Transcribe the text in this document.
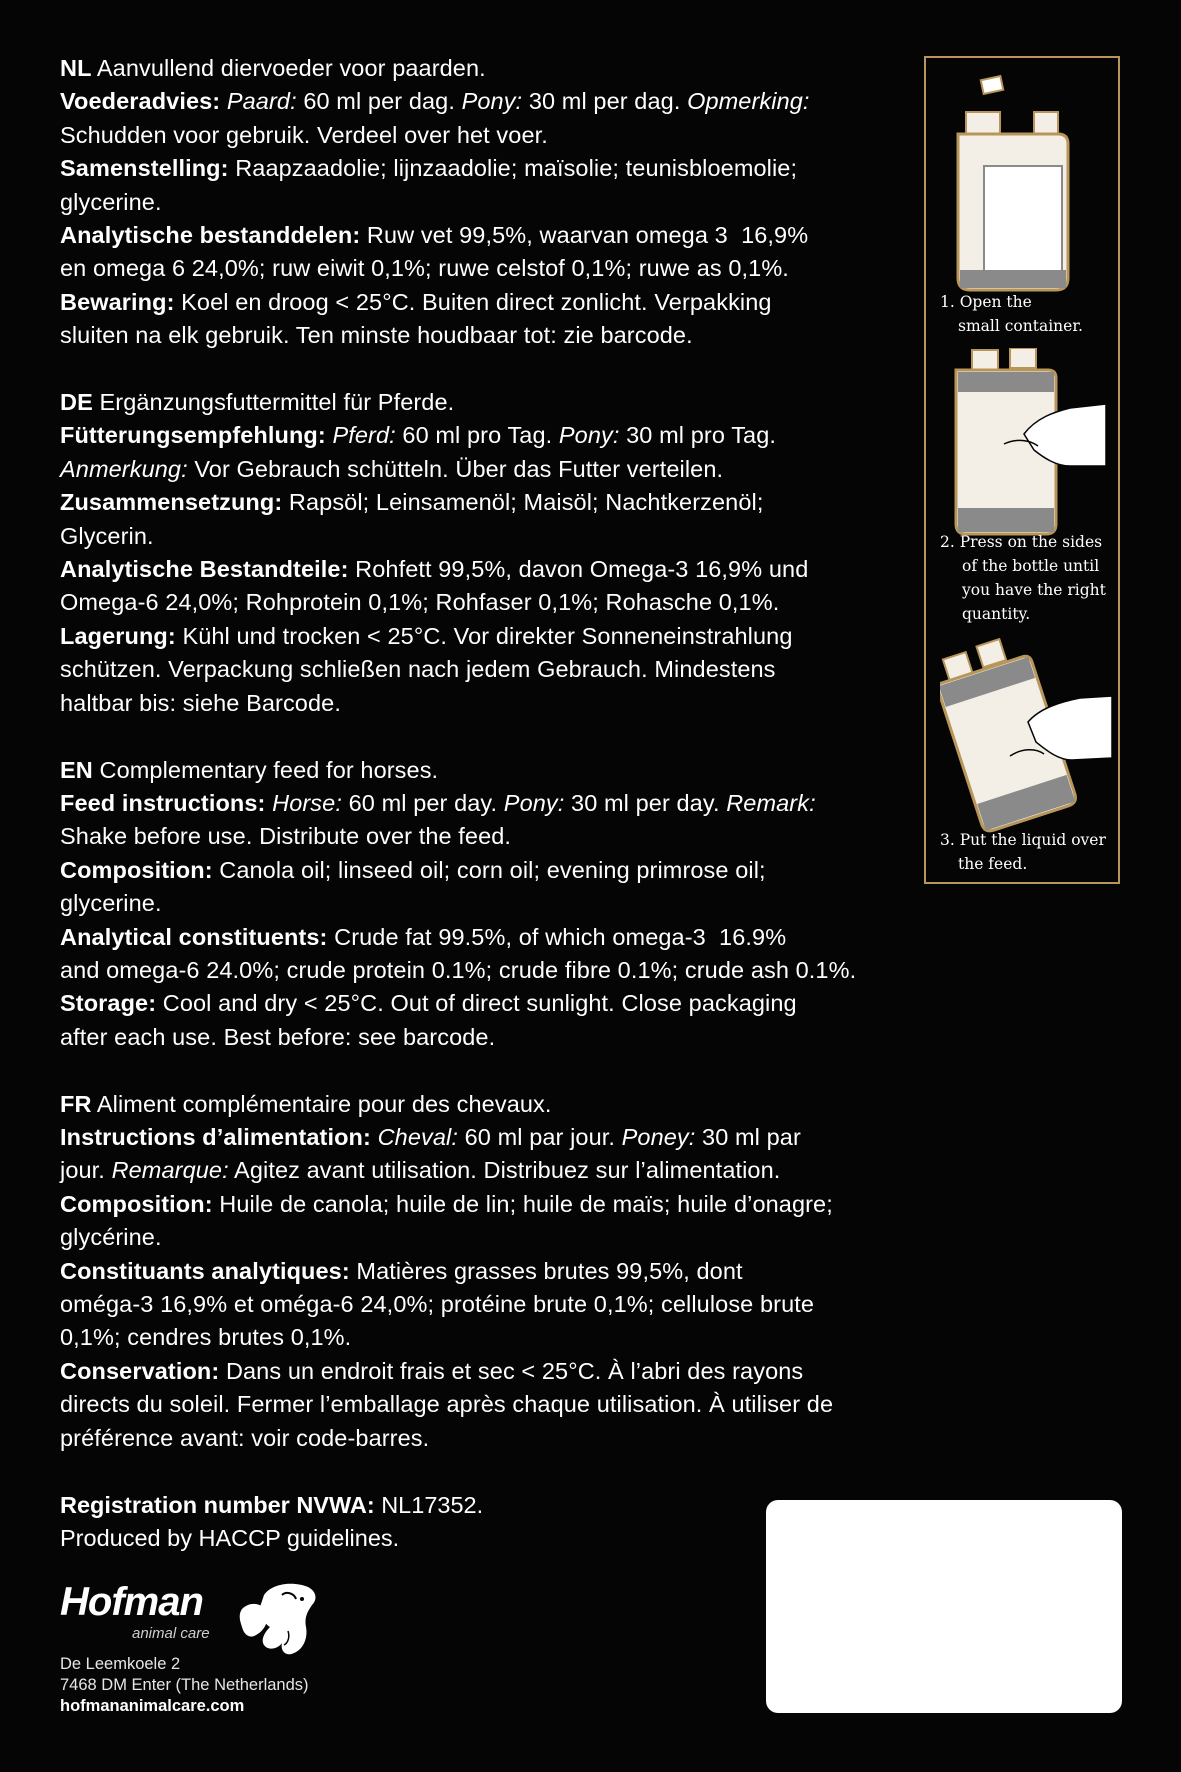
NL Aanvullend diervoeder voor paarden.
Voederadvies: Paard: 60 ml per dag. Pony: 30 ml per dag. Opmerking:
Schudden voor gebruik. Verdeel over het voer.
Samenstelling: Raapzaadolie; lijnzaadolie; maïsolie; teunisbloemolie;
glycerine.
Analytische bestanddelen: Ruw vet 99,5%, waarvan omega 3  16,9%
en omega 6 24,0%; ruw eiwit 0,1%; ruwe celstof 0,1%; ruwe as 0,1%.
Bewaring: Koel en droog < 25°C. Buiten direct zonlicht. Verpakking
sluiten na elk gebruik. Ten minste houdbaar tot: zie barcode.
DE Ergänzungsfuttermittel für Pferde.
Fütterungsempfehlung: Pferd: 60 ml pro Tag. Pony: 30 ml pro Tag.
Anmerkung: Vor Gebrauch schütteln. Über das Futter verteilen.
Zusammensetzung: Rapsöl; Leinsamenöl; Maisöl; Nachtkerzenöl;
Glycerin.
Analytische Bestandteile: Rohfett 99,5%, davon Omega-3 16,9% und
Omega-6 24,0%; Rohprotein 0,1%; Rohfaser 0,1%; Rohasche 0,1%.
Lagerung: Kühl und trocken < 25°C. Vor direkter Sonneneinstrahlung
schützen. Verpackung schließen nach jedem Gebrauch. Mindestens
haltbar bis: siehe Barcode.
EN Complementary feed for horses.
Feed instructions: Horse: 60 ml per day. Pony: 30 ml per day. Remark:
Shake before use. Distribute over the feed.
Composition: Canola oil; linseed oil; corn oil; evening primrose oil;
glycerine.
Analytical constituents: Crude fat 99.5%, of which omega-3  16.9%
and omega-6 24.0%; crude protein 0.1%; crude fibre 0.1%; crude ash 0.1%.
Storage: Cool and dry < 25°C. Out of direct sunlight. Close packaging
after each use. Best before: see barcode.
FR Aliment complémentaire pour des chevaux.
Instructions d’alimentation: Cheval: 60 ml par jour. Poney: 30 ml par
jour. Remarque: Agitez avant utilisation. Distribuez sur l’alimentation.
Composition: Huile de canola; huile de lin; huile de maïs; huile d’onagre;
glycérine.
Constituants analytiques: Matières grasses brutes 99,5%, dont
oméga-3 16,9% et oméga-6 24,0%; protéine brute 0,1%; cellulose brute
0,1%; cendres brutes 0,1%.
Conservation: Dans un endroit frais et sec < 25°C. À l’abri des rayons
directs du soleil. Fermer l’emballage après chaque utilisation. À utiliser de
préférence avant: voir code-barres.
Registration number NVWA: NL17352.
Produced by HACCP guidelines.
Hofman
animal care
De Leemkoele 2
7468 DM Enter (The Netherlands)
hofmananimalcare.com
1. Open the
small container.
2. Press on the sides
of the bottle until
you have the right
quantity.
3. Put the liquid over
the feed.
